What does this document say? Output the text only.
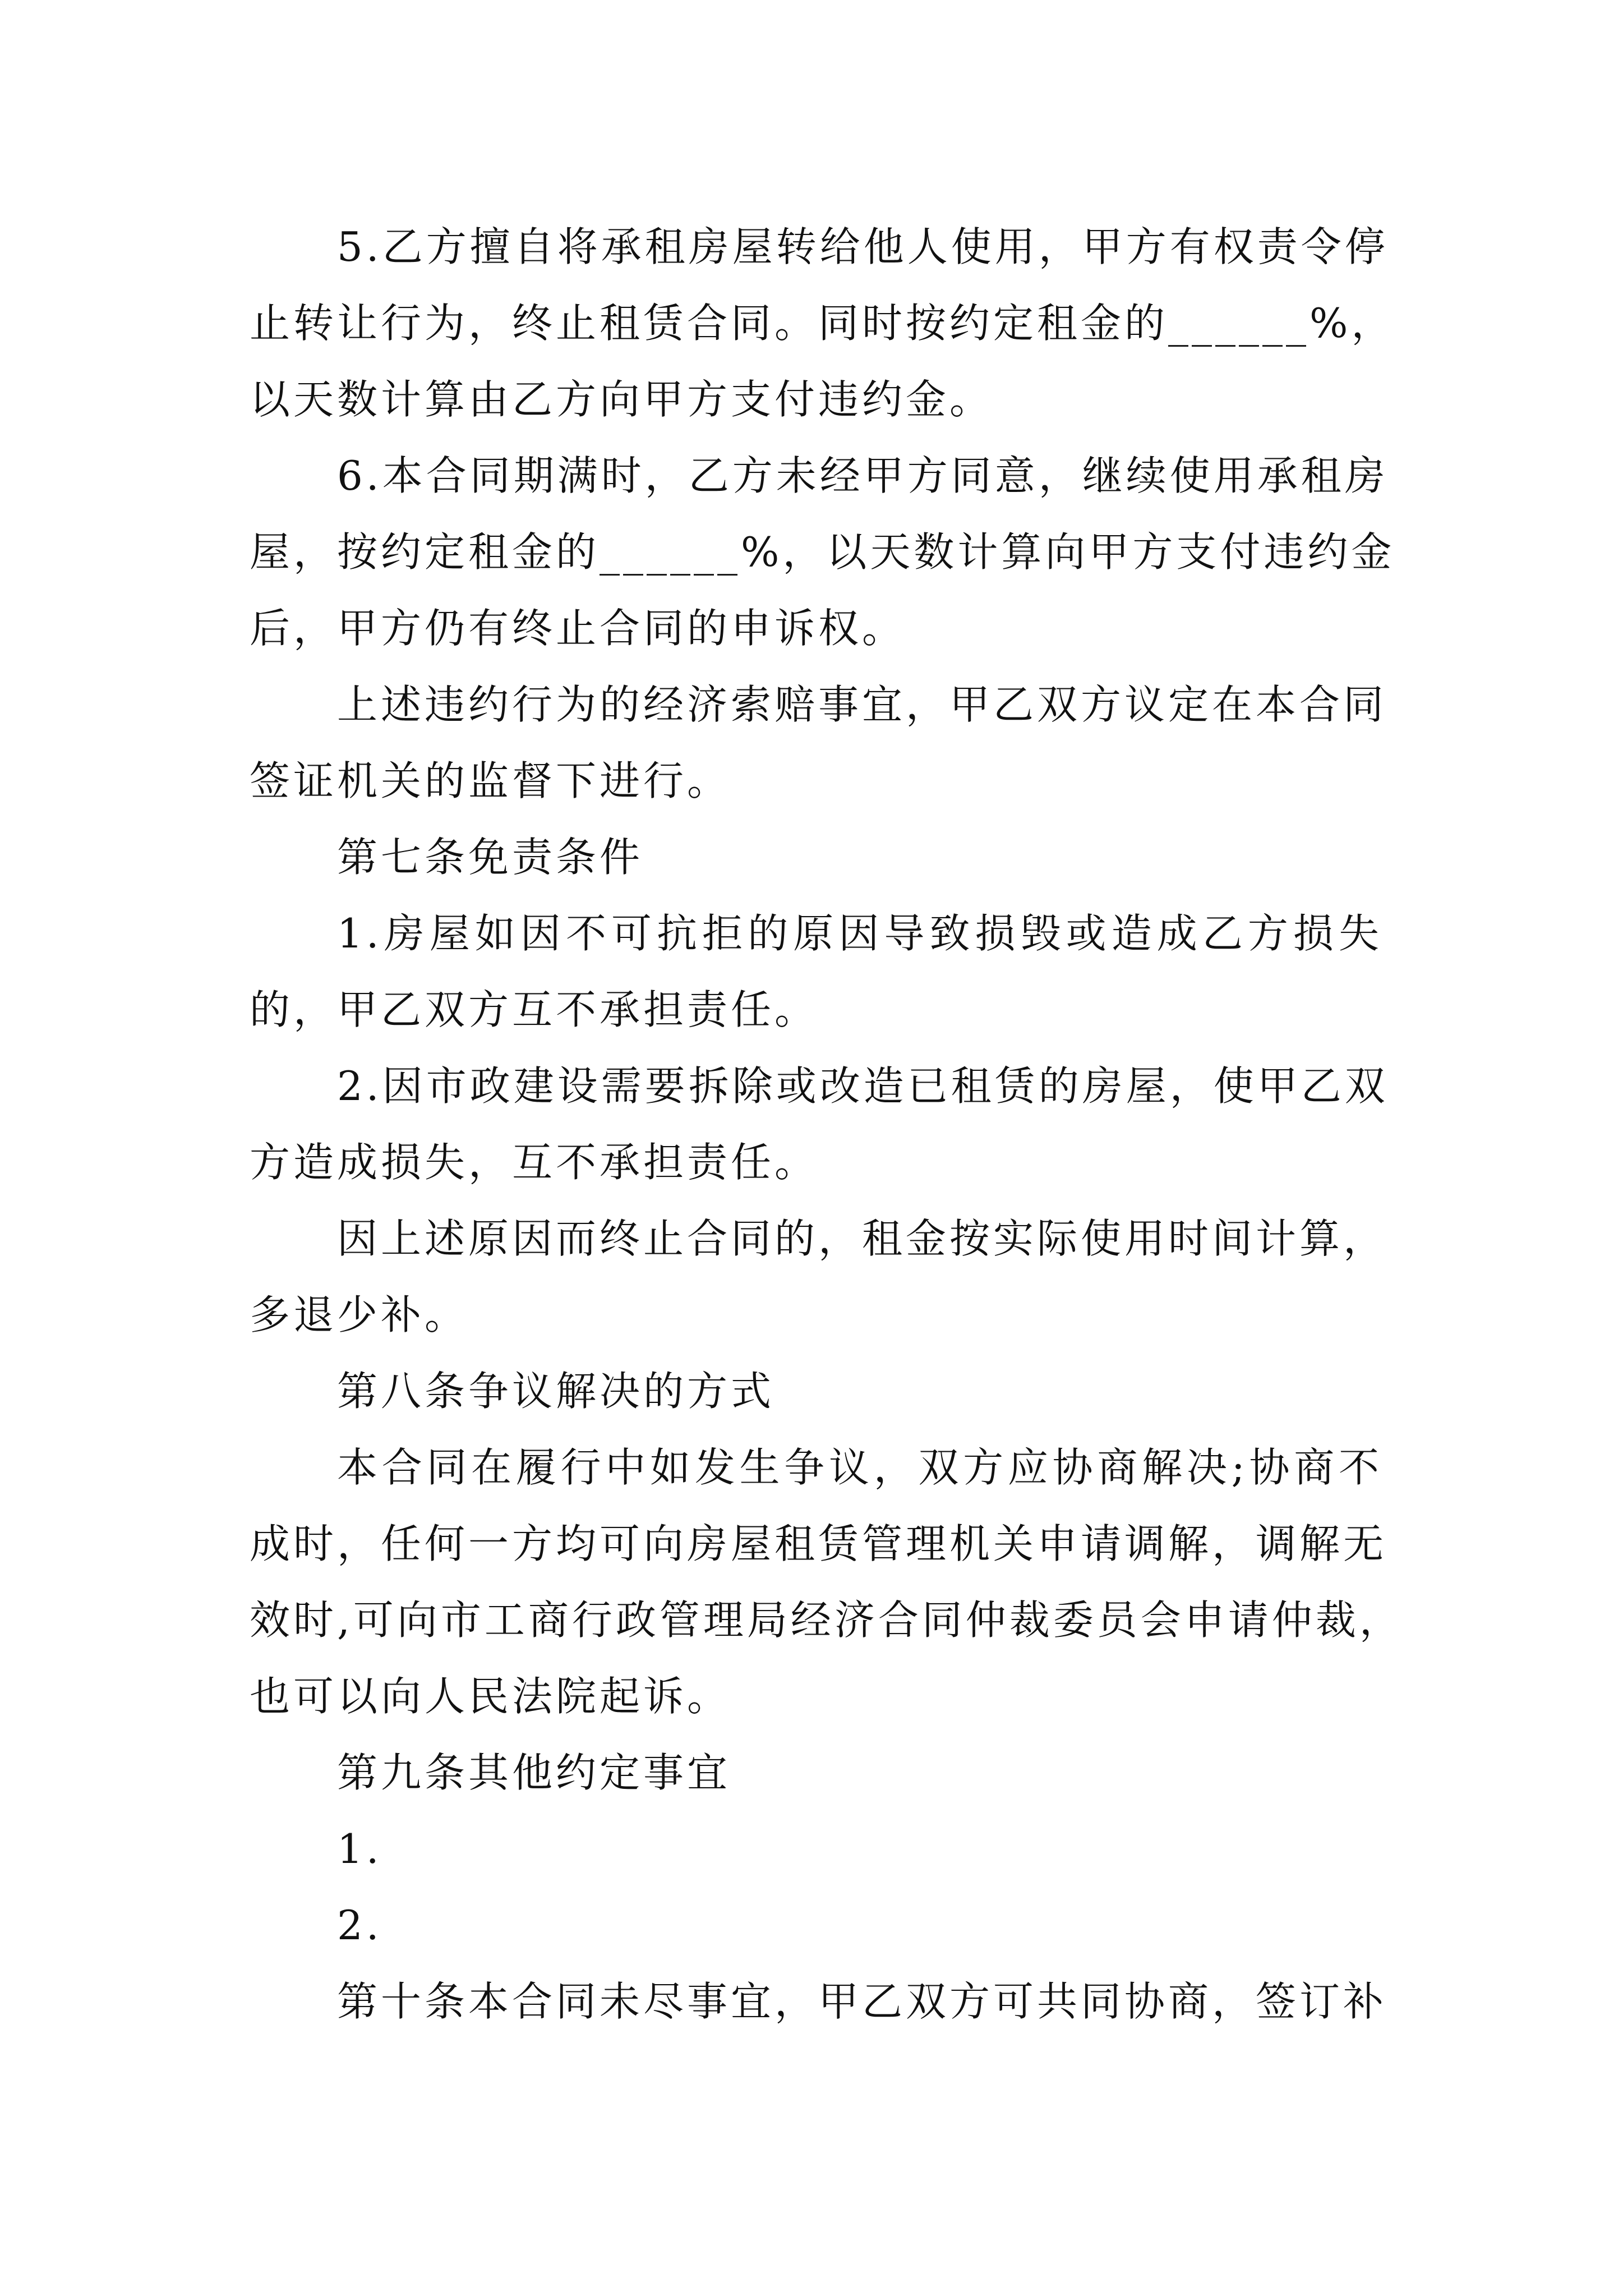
5.乙方擅自将承租房屋转给他人使用，甲方有权责令停
止转让行为，终止租赁合同。同时按约定租金的______%，
以天数计算由乙方向甲方支付违约金。
6.本合同期满时，乙方未经甲方同意，继续使用承租房
屋，按约定租金的______%，以天数计算向甲方支付违约金
后，甲方仍有终止合同的申诉权。
上述违约行为的经济索赔事宜，甲乙双方议定在本合同
签证机关的监督下进行。

第七条免责条件

1.房屋如因不可抗拒的原因导致损毁或造成乙方损失
的，甲乙双方互不承担责任。
2.因市政建设需要拆除或改造已租赁的房屋，使甲乙双
方造成损失，互不承担责任。
因上述原因而终止合同的，租金按实际使用时间计算，
多退少补。

第八条争议解决的方式

本合同在履行中如发生争议，双方应协商解决;协商不
成时，任何一方均可向房屋租赁管理机关申请调解，调解无
效时,可向市工商行政管理局经济合同仲裁委员会申请仲裁，
也可以向人民法院起诉。

第九条其他约定事宜

1.

2.

第十条本合同未尽事宜，甲乙双方可共同协商，签订补
